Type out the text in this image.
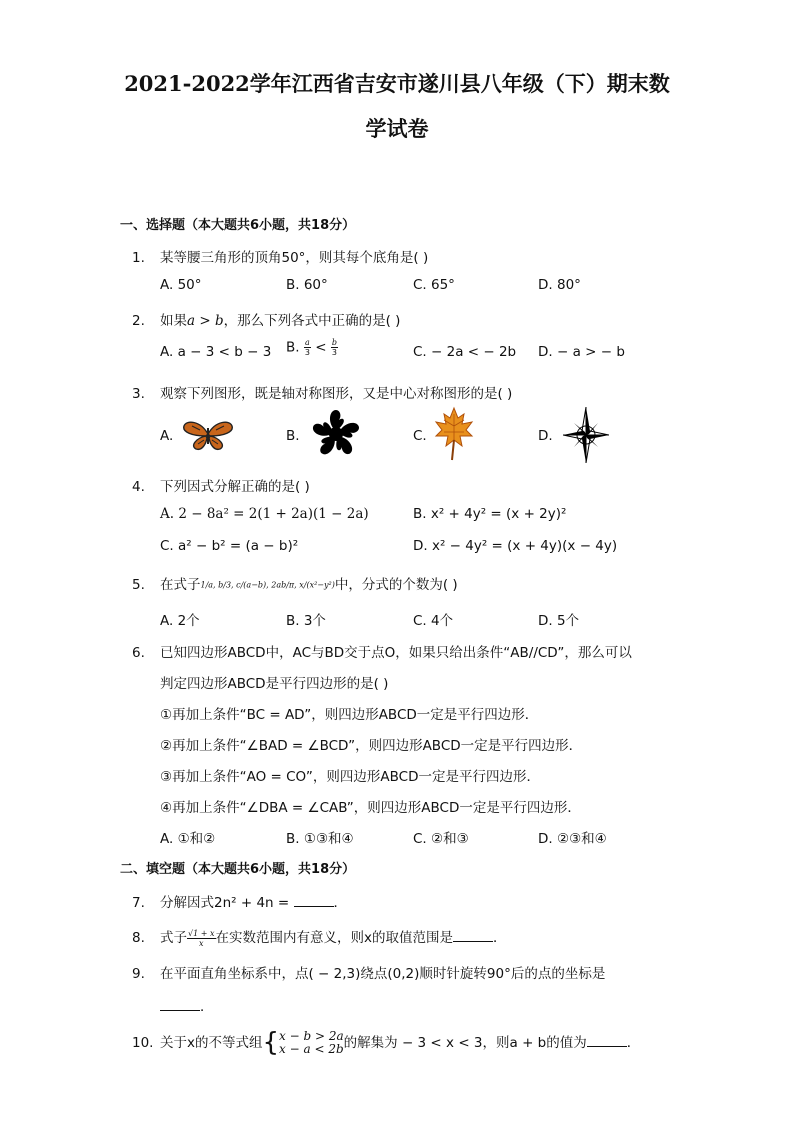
2021-2022学年江西省吉安市遂川县八年级（下）期末数
学试卷
一、选择题（本大题共6小题，共18分）
1. 某等腰三角形的顶角50°，则其每个底角是( )
A. 50°	B. 60°	C. 65°	D. 80°
2. 如果a > b，那么下列各式中正确的是( )
A. a − 3 < b − 3 B. $\frac{a}{3} < \frac{b}{3}$	C. − 2a < − 2b D. − a > − b
3. 观察下列图形，既是轴对称图形，又是中心对称图形的是( )
A.	B.	C.	D.
4. 下列因式分解正确的是( )
A. 2 − 8a² = 2(1 + 2a)(1 − 2a)	B. x² + 4y² = (x + 2y)²
C. a² − b² = (a − b)²	D. x² − 4y² = (x + 4y)(x − 4y)
5. 在式子1/a, b/3, c/(a−b), 2ab/π, x/(x²−y²)中，分式的个数为( )
A. 2个	B. 3个	C. 4个	D. 5个
6. 已知四边形ABCD中，AC与BD交于点O，如果只给出条件“AB//CD”，那么可以
判定四边形ABCD是平行四边形的是( )
①再加上条件“BC = AD”，则四边形ABCD一定是平行四边形．
②再加上条件“∠BAD = ∠BCD”，则四边形ABCD一定是平行四边形．
③再加上条件“AO = CO”，则四边形ABCD一定是平行四边形．
④再加上条件“∠DBA = ∠CAB”，则四边形ABCD一定是平行四边形．
A. ①和②	B. ①③和④	C. ②和③	D. ②③和④
二、填空题（本大题共6小题，共18分）
7. 分解因式2n² + 4n =	．
8. 式子 $\frac{√1 + x}{x}$ 在实数范围内有意义，则x的取值范围是	．
9. 在平面直角坐标系中，点( − 2,3)绕点(0,2)顺时针旋转90°后的点的坐标是
．
10. 关于x的不等式组{ x − b > 2a
x − a < 2b 的解集为 − 3 < x < 3，则a + b的值为	．
